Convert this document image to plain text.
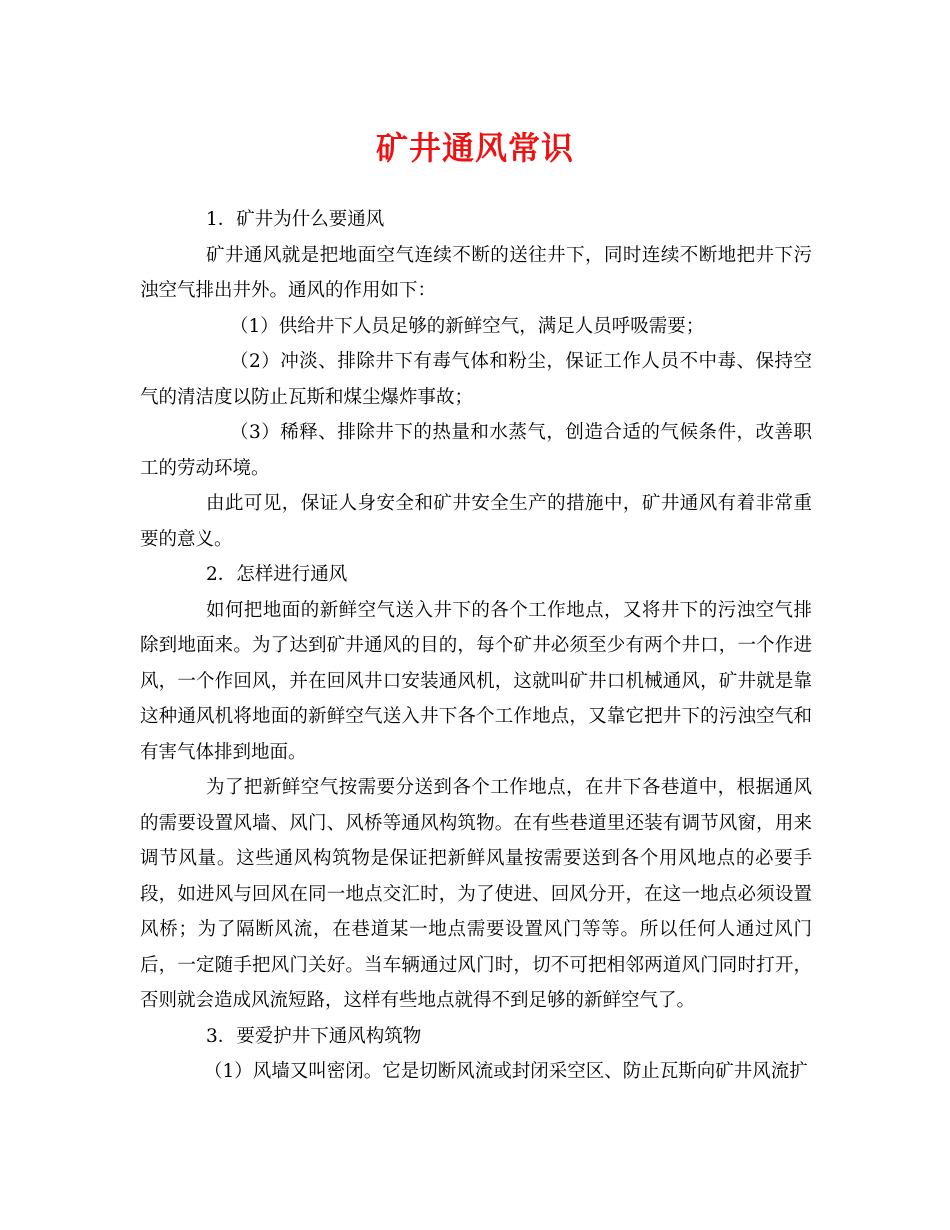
矿井通风常识

1．矿井为什么要通风

矿井通风就是把地面空气连续不断的送往井下，同时连续不断地把井下污浊空气排出井外。通风的作用如下：

（1）供给井下人员足够的新鲜空气，满足人员呼吸需要；

（2）冲淡、排除井下有毒气体和粉尘，保证工作人员不中毒、保持空气的清洁度以防止瓦斯和煤尘爆炸事故；

（3）稀释、排除井下的热量和水蒸气，创造合适的气候条件，改善职工的劳动环境。

由此可见，保证人身安全和矿井安全生产的措施中，矿井通风有着非常重要的意义。

2．怎样进行通风

如何把地面的新鲜空气送入井下的各个工作地点，又将井下的污浊空气排除到地面来。为了达到矿井通风的目的，每个矿井必须至少有两个井口，一个作进风，一个作回风，并在回风井口安装通风机，这就叫矿井口机械通风，矿井就是靠这种通风机将地面的新鲜空气送入井下各个工作地点，又靠它把井下的污浊空气和有害气体排到地面。

为了把新鲜空气按需要分送到各个工作地点，在井下各巷道中，根据通风的需要设置风墙、风门、风桥等通风构筑物。在有些巷道里还装有调节风窗，用来调节风量。这些通风构筑物是保证把新鲜风量按需要送到各个用风地点的必要手段，如进风与回风在同一地点交汇时，为了使进、回风分开，在这一地点必须设置风桥；为了隔断风流，在巷道某一地点需要设置风门等等。所以任何人通过风门后，一定随手把风门关好。当车辆通过风门时，切不可把相邻两道风门同时打开，否则就会造成风流短路，这样有些地点就得不到足够的新鲜空气了。

3．要爱护井下通风构筑物

（1）风墙又叫密闭。它是切断风流或封闭采空区、防止瓦斯向矿井风流扩
